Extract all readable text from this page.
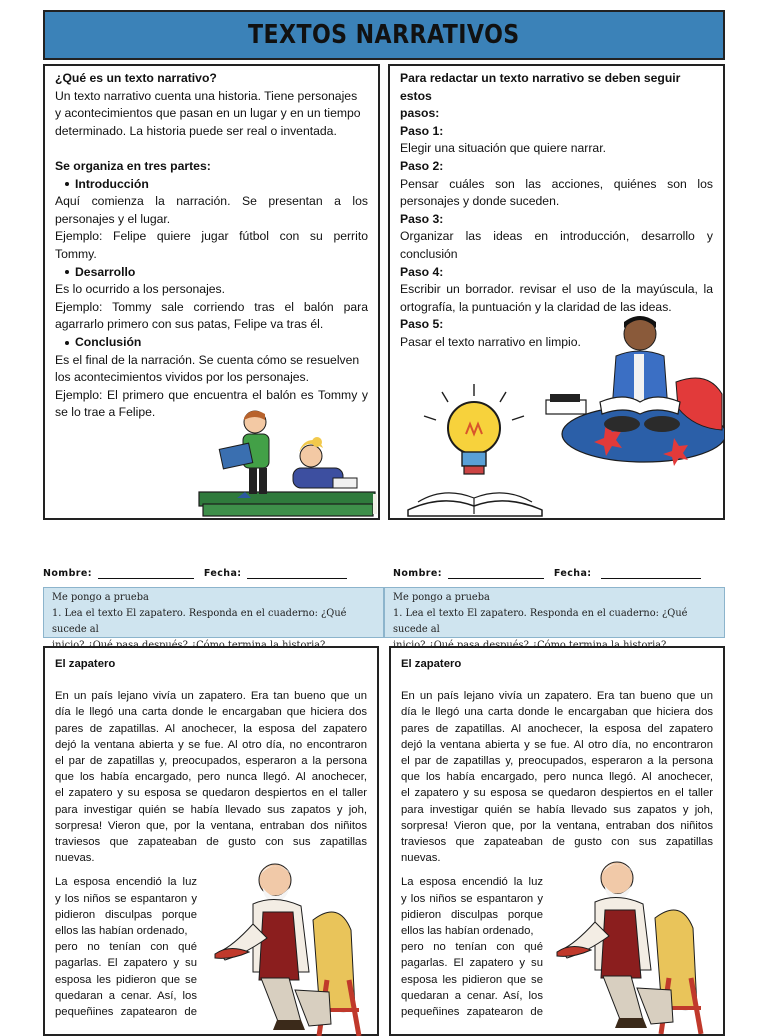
TEXTOS NARRATIVOS

¿Qué es un texto narrativo?

Un texto narrativo cuenta una historia. Tiene personajes

y acontecimientos que pasan en un lugar y en un tiempo

determinado. La historia puede ser real o inventada.

Se organiza en tres partes:

Introducción

Aquí comienza la narración. Se presentan a los

personajes y el lugar.

Ejemplo: Felipe quiere jugar fútbol con su perrito

Tommy.

Desarrollo

Es lo ocurrido a los personajes.

Ejemplo: Tommy sale corriendo tras el balón para

agarrarlo primero con sus patas, Felipe va tras él.

Conclusión

Es el final de la narración. Se cuenta cómo se resuelven

los acontecimientos vividos por los personajes.

Ejemplo: El primero que encuentra el balón es Tommy y

se lo trae a Felipe.

Para redactar un texto narrativo se deben seguir estos

pasos:

Paso 1:

Elegir una situación que quiere narrar.

Paso 2:

Pensar cuáles son las acciones, quiénes son los

personajes y donde suceden.

Paso 3:

Organizar las ideas en introducción, desarrollo y

conclusión

Paso 4:

Escribir un borrador. revisar el uso de la mayúscula, la

ortografía, la puntuación y la claridad de las ideas.

Paso 5:

Pasar el texto narrativo en limpio.

Nombre:	Fecha:	Nombre:	Fecha:
Me pongo a prueba
1. Lea el texto El zapatero. Responda en el cuaderno: ¿Qué sucede al
Me pongo a prueba
1. Lea el texto El zapatero. Responda en el cuaderno: ¿Qué sucede al

El zapatero

En un país lejano vivía un zapatero. Era tan bueno que un

día le llegó una carta donde le encargaban que hiciera dos

pares de zapatillas. Al anochecer, la esposa del zapatero

dejó la ventana abierta y se fue. Al otro día, no encontraron

el par de zapatillas y, preocupados, esperaron a la persona

que los había encargado, pero nunca llegó. Al anochecer,

el zapatero y su esposa se quedaron despiertos en el taller

para investigar quién se había llevado sus zapatos y joh,

sorpresa! Vieron que, por la ventana, entraban dos niñitos

traviesos que zapateaban de gusto con sus zapatillas

nuevas.

La esposa encendió la luz

y los niños se espantaron y

pidieron disculpas porque

ellos las habían ordenado,

pero no tenían con qué

pagarlas. El zapatero y su

esposa les pidieron que se

quedaran a cenar. Así, los

pequeñines zapatearon de

El zapatero

En un país lejano vivía un zapatero. Era tan bueno que un

día le llegó una carta donde le encargaban que hiciera dos

pares de zapatillas. Al anochecer, la esposa del zapatero

dejó la ventana abierta y se fue. Al otro día, no encontraron

el par de zapatillas y, preocupados, esperaron a la persona

que los había encargado, pero nunca llegó. Al anochecer,

el zapatero y su esposa se quedaron despiertos en el taller

para investigar quién se había llevado sus zapatos y joh,

sorpresa! Vieron que, por la ventana, entraban dos niñitos

traviesos que zapateaban de gusto con sus zapatillas

nuevas.

La esposa encendió la luz

y los niños se espantaron y

pidieron disculpas porque

ellos las habían ordenado,

pero no tenían con qué

pagarlas. El zapatero y su

esposa les pidieron que se

quedaran a cenar. Así, los

pequeñines zapatearon de
